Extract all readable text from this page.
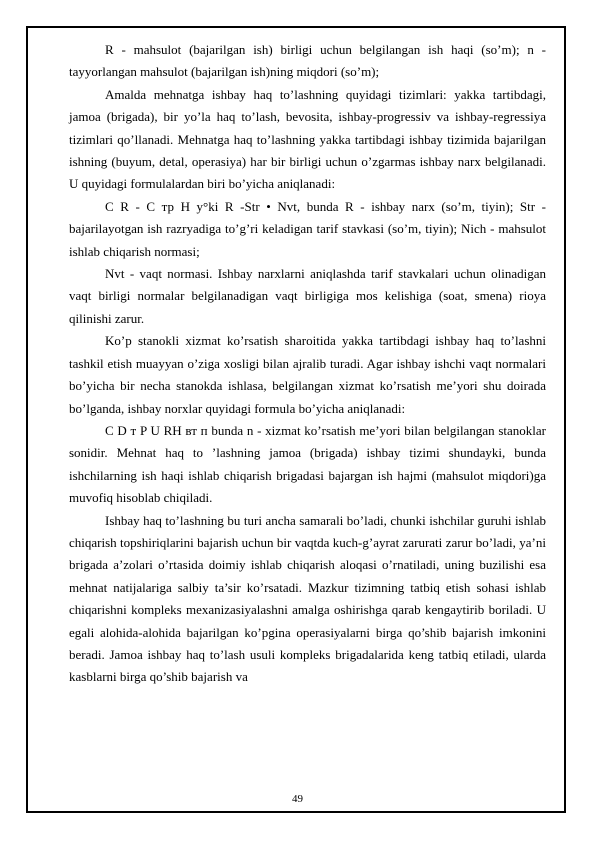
R - mahsulot (bajarilgan ish) birligi uchun belgilangan ish haqi (so’m); n - tayyorlangan mahsulot (bajarilgan ish)ning miqdori (so’m);

Amalda mehnatga ishbay haq to’lashning quyidagi tizimlari: yakka tartibdagi, jamoa (brigada), bir yo’la haq to’lash, bevosita, ishbay-progressiv va ishbay-regressiya tizimlari qo’llanadi. Mehnatga haq to’lashning yakka tartibdagi ishbay tizimida bajarilgan ishning (buyum, detal, operasiya) har bir birligi uchun o’zgarmas ishbay narx belgilanadi. U quyidagi formulalardan biri bo’yicha aniqlanadi:

C R - C тр H y°ki R -Str • Nvt, bunda R - ishbay narx (so’m, tiyin); Str - bajarilayotgan ish razryadiga to’g’ri keladigan tarif stavkasi (so’m, tiyin); Nich - mahsulot ishlab chiqarish normasi;

Nvt - vaqt normasi. Ishbay narxlarni aniqlashda tarif stavkalari uchun olinadigan vaqt birligi normalar belgilanadigan vaqt birligiga mos kelishiga (soat, smena) rioya qilinishi zarur.

Ko’p stanokli xizmat ko’rsatish sharoitida yakka tartibdagi ishbay haq to’lashni tashkil etish muayyan o’ziga xosligi bilan ajralib turadi. Agar ishbay ishchi vaqt normalari bo’yicha bir necha stanokda ishlasa, belgilangan xizmat ko’rsatish me’yori shu doirada bo’lganda, ishbay norxlar quyidagi formula bo’yicha aniqlanadi:

C D т P U RH вт п bunda n - xizmat ko’rsatish me’yori bilan belgilangan stanoklar sonidir. Mehnat haq to ’lashning jamoa (brigada) ishbay tizimi shundayki, bunda ishchilarning ish haqi ishlab chiqarish brigadasi bajargan ish hajmi (mahsulot miqdori)ga muvofiq hisoblab chiqiladi.

Ishbay haq to’lashning bu turi ancha samarali bo’ladi, chunki ishchilar guruhi ishlab chiqarish topshiriqlarini bajarish uchun bir vaqtda kuch-g’ayrat zarurati zarur bo’ladi, ya’ni brigada a’zolari o’rtasida doimiy ishlab chiqarish aloqasi o’rnatiladi, uning buzilishi esa mehnat natijalariga salbiy ta’sir ko’rsatadi. Mazkur tizimning tatbiq etish sohasi ishlab chiqarishni kompleks mexanizasiyalashni amalga oshirishga qarab kengaytirib boriladi. U egali alohida-alohida bajarilgan ko’pgina operasiyalarni birga qo’shib bajarish imkonini beradi. Jamoa ishbay haq to’lash usuli kompleks brigadalarida keng tatbiq etiladi, ularda kasblarni birga qo’shib bajarish va

49
